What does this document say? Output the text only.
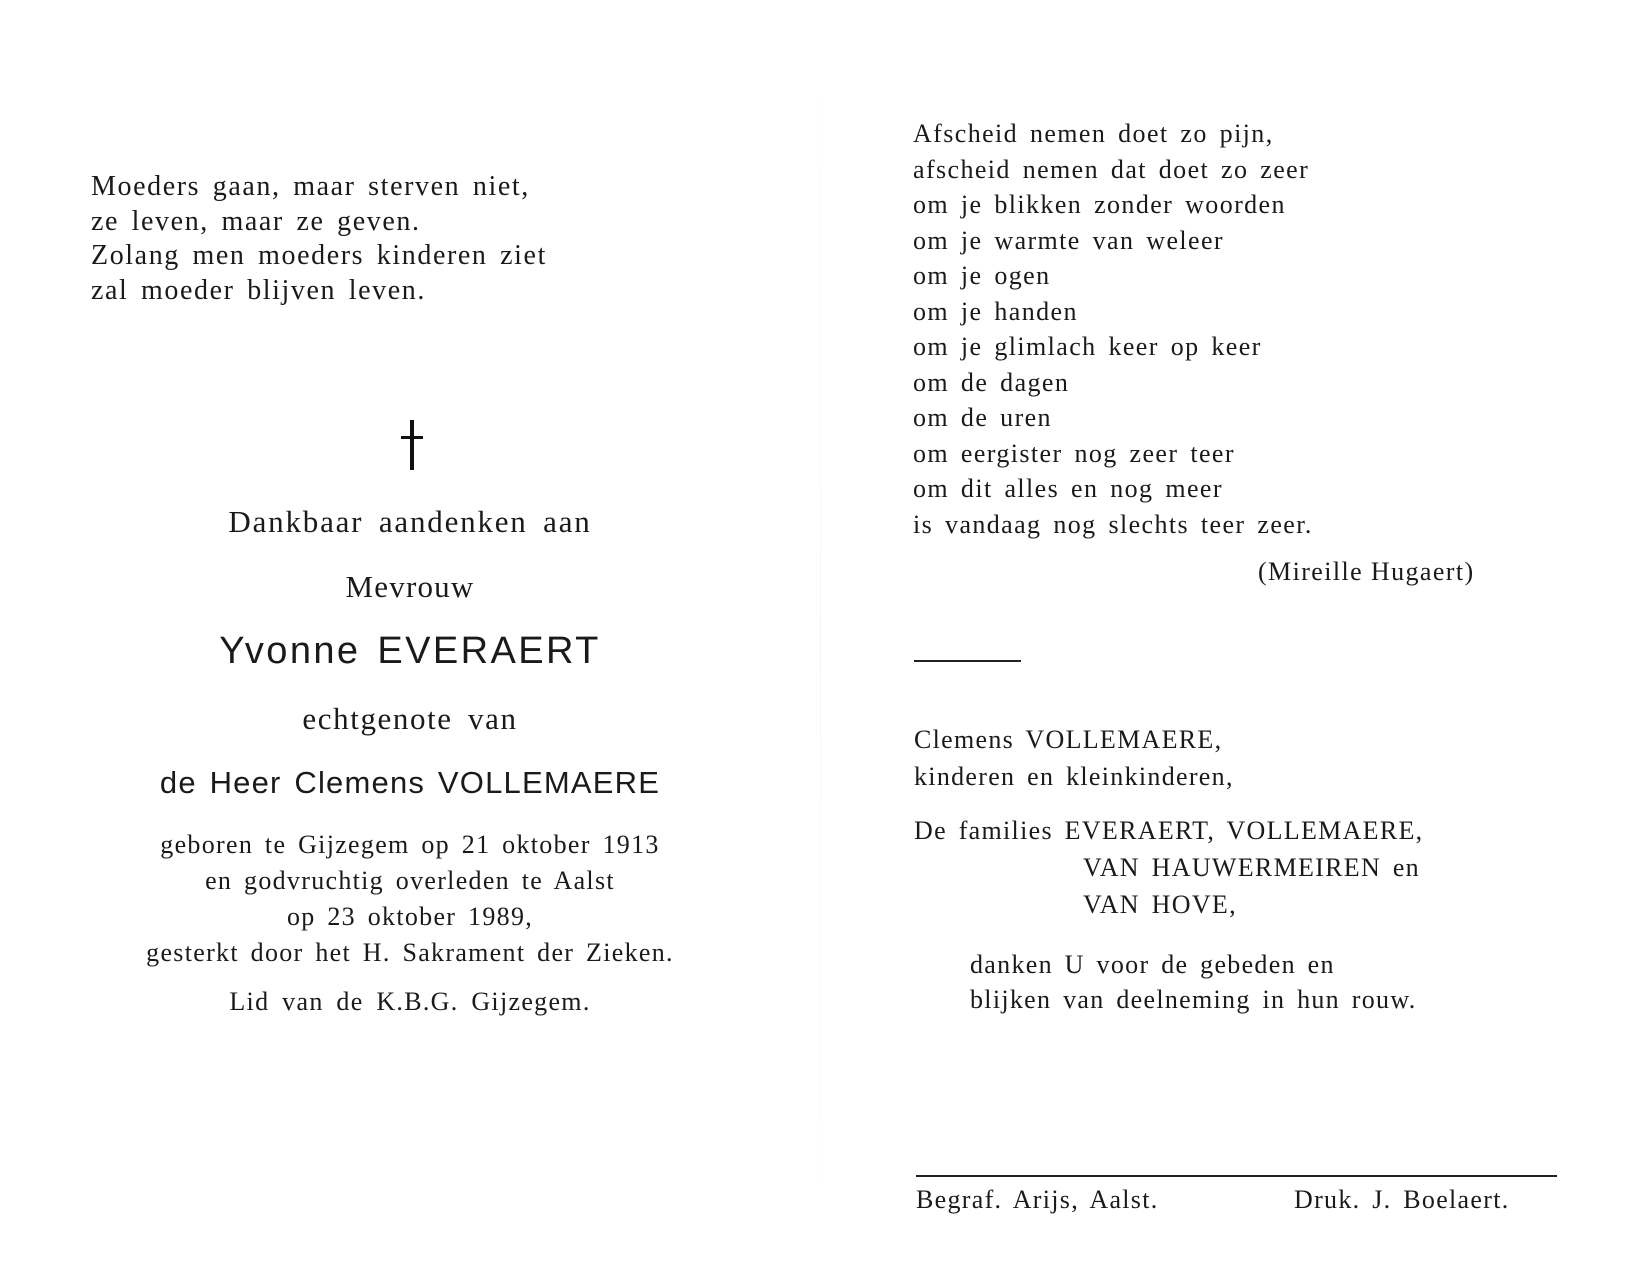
Moeders gaan, maar sterven niet,
ze leven, maar ze geven.
Zolang men moeders kinderen ziet
zal moeder blijven leven.
Dankbaar aandenken aan
Mevrouw
Yvonne EVERAERT
echtgenote van
de Heer Clemens VOLLEMAERE
geboren te Gijzegem op 21 oktober 1913
en godvruchtig overleden te Aalst
op 23 oktober 1989,
gesterkt door het H. Sakrament der Zieken.
Lid van de K.B.G. Gijzegem.
Afscheid nemen doet zo pijn,
afscheid nemen dat doet zo zeer
om je blikken zonder woorden
om je warmte van weleer
om je ogen
om je handen
om je glimlach keer op keer
om de dagen
om de uren
om eergister nog zeer teer
om dit alles en nog meer
is vandaag nog slechts teer zeer.
(Mireille Hugaert)
Clemens VOLLEMAERE,
kinderen en kleinkinderen,
De families EVERAERT, VOLLEMAERE,
VAN HAUWERMEIREN en
VAN HOVE,
danken U voor de gebeden en
blijken van deelneming in hun rouw.
Begraf. Arijs, Aalst.	Druk. J. Boelaert.
